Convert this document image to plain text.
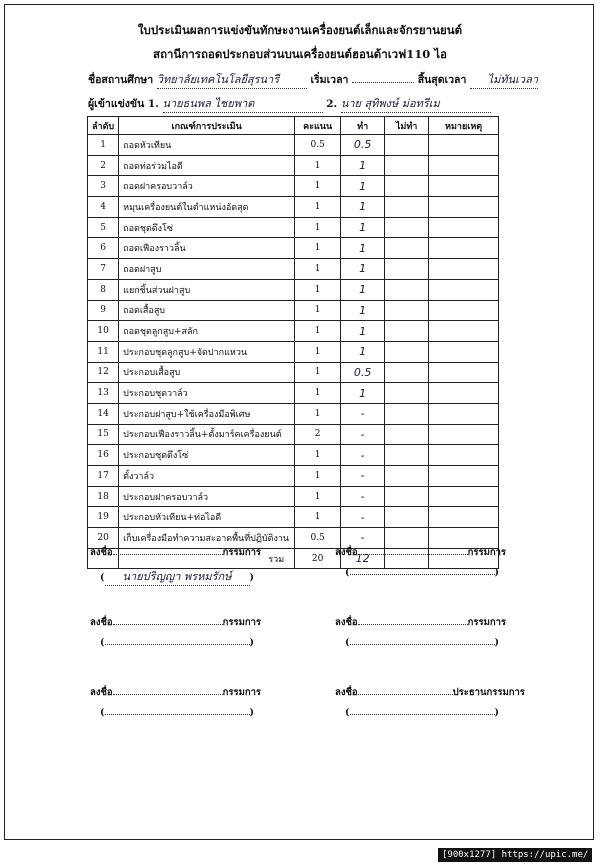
ใบประเมินผลการแข่งขันทักษะงานเครื่องยนต์เล็กและจักรยานยนต์
สถานีการถอดประกอบส่วนบนเครื่องยนต์ฮอนด้าเวฟ110 ไอ
ชื่อสถานศึกษา วิทยาลัยเทคโนโลยีสุรนารี	เริ่มเวลา	สิ้นสุดเวลา ไม่ทันเวลา
ผู้เข้าแข่งขัน 1. นายธนพล ไชยพาด	2. นาย สุทิพงษ์ ม่อทรีเม
ลำดับ	เกณฑ์การประเมิน	คะแนน	ทำ	ไม่ทำ	หมายเหตุ
1	ถอดหัวเทียน	0.5	0.5		
2	ถอดท่อร่วมไอดี	1	1		
3	ถอดฝาครอบวาล์ว	1	1		
4	หมุนเครื่องยนต์ในตำแหน่งอัดสุด	1	1		
5	ถอดชุดดึงโซ่	1	1		
6	ถอดเฟืองราวลิ้น	1	1		
7	ถอดฝาสูบ	1	1		
8	แยกชิ้นส่วนฝาสูบ	1	1		
9	ถอดเสื้อสูบ	1	1		
10	ถอดชุดลูกสูบ+สลัก	1	1		
11	ประกอบชุดลูกสูบ+จัดปากแหวน	1	1		
12	ประกอบเสื้อสูบ	1	0.5		
13	ประกอบชุดวาล์ว	1	1		
14	ประกอบฝาสูบ+ใช้เครื่องมือพิเศษ	1	-		
15	ประกอบเฟืองราวลิ้น+ตั้งมาร์คเครื่องยนต์	2	-		
16	ประกอบชุดดึงโซ่	1	-		
17	ตั้งวาล์ว	1	-		
18	ประกอบฝาครอบวาล์ว	1	-		
19	ประกอบหัวเทียน+ท่อไอดี	1	-		
20	เก็บเครื่องมือทำความสะอาดพื้นที่ปฏิบัติงาน	0.5	-		
	รวม	20	12		
ลงชื่อ	กรรมการ
( นายปริญญา พรหมรักษ์ )
ลงชื่อ	กรรมการ
(	)
ลงชื่อ	กรรมการ
(	)
ลงชื่อ	กรรมการ
(	)
ลงชื่อ	กรรมการ
(	)
ลงชื่อ	ประธานกรรมการ
(	)
[900x1277] https://upic.me/
